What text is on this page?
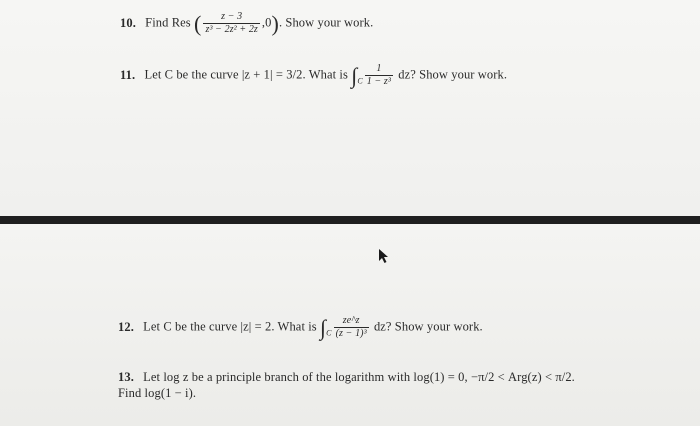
10. Find Res ( $\frac{z - 3}{\text{z³ − 2z² + 2z}} ,0$). Show your work.
11. Let C be the curve |z + 1| = 3/2. What is $\int_C \frac{1}{\text{1 − z³}}$ dz? Show your work.
12. Let C be the curve |z| = 2. What is $\int_C \frac{ze\^{}z}{\text{(z − 1)³}}$ dz? Show your work.
13. Let log z be a principle branch of the logarithm with log(1) = 0, −π/2 < Arg(z) < π/2.
Find log(1 − i).
